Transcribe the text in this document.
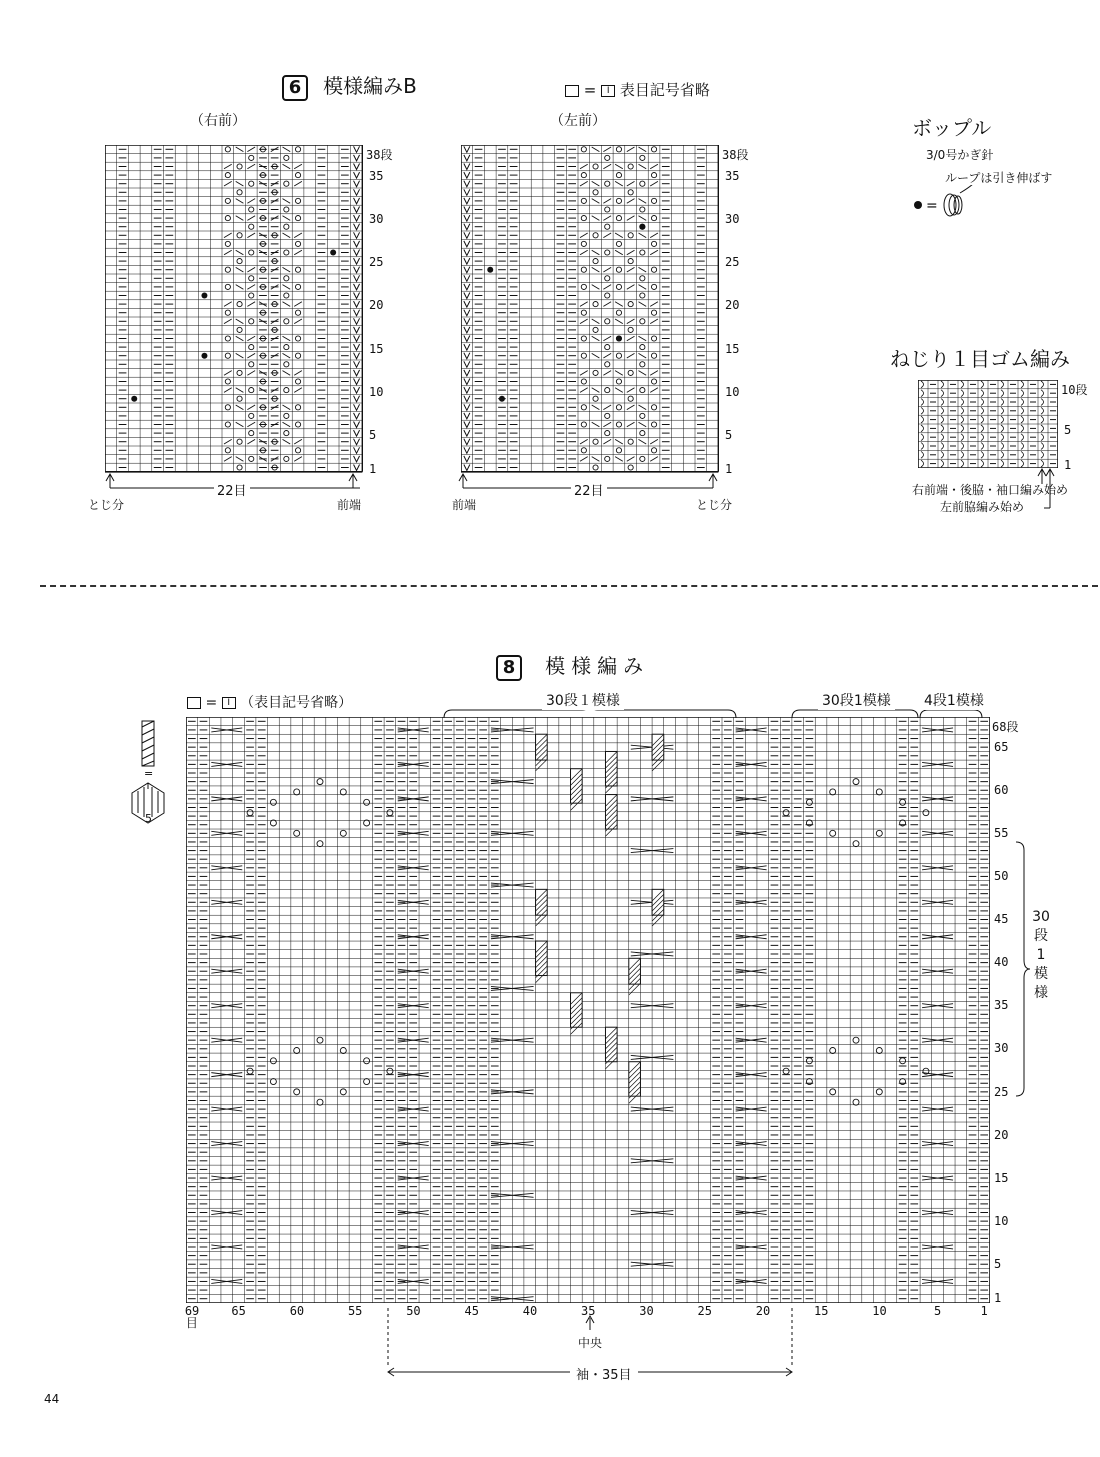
6 模様編みB	= I 表目記号省略
（右前）	（左前）
38段
35
30
25
20
15
10
5
1
38段
35
30
25
20
15
10
5
1
22目
とじ分	前端
22目
前端	とじ分
ボップル
3/0号かぎ針
ループは引き伸ばす
=
ねじり１目ゴム編み
10段
5
1
右前端・後脇・袖口編み始め
左前脇編み始め
8 模様編み
= I （表目記号省略）	30段１模様	30段1模様 4段1模様
=
5
68段
65
60
55
50
45
40
35
30
25
20
15
10
5
1
69
目
65	60	55	50	45	40	35	30	25	20	15	10	5	1
30
段
1
模
様
中央
袖・35目
44
